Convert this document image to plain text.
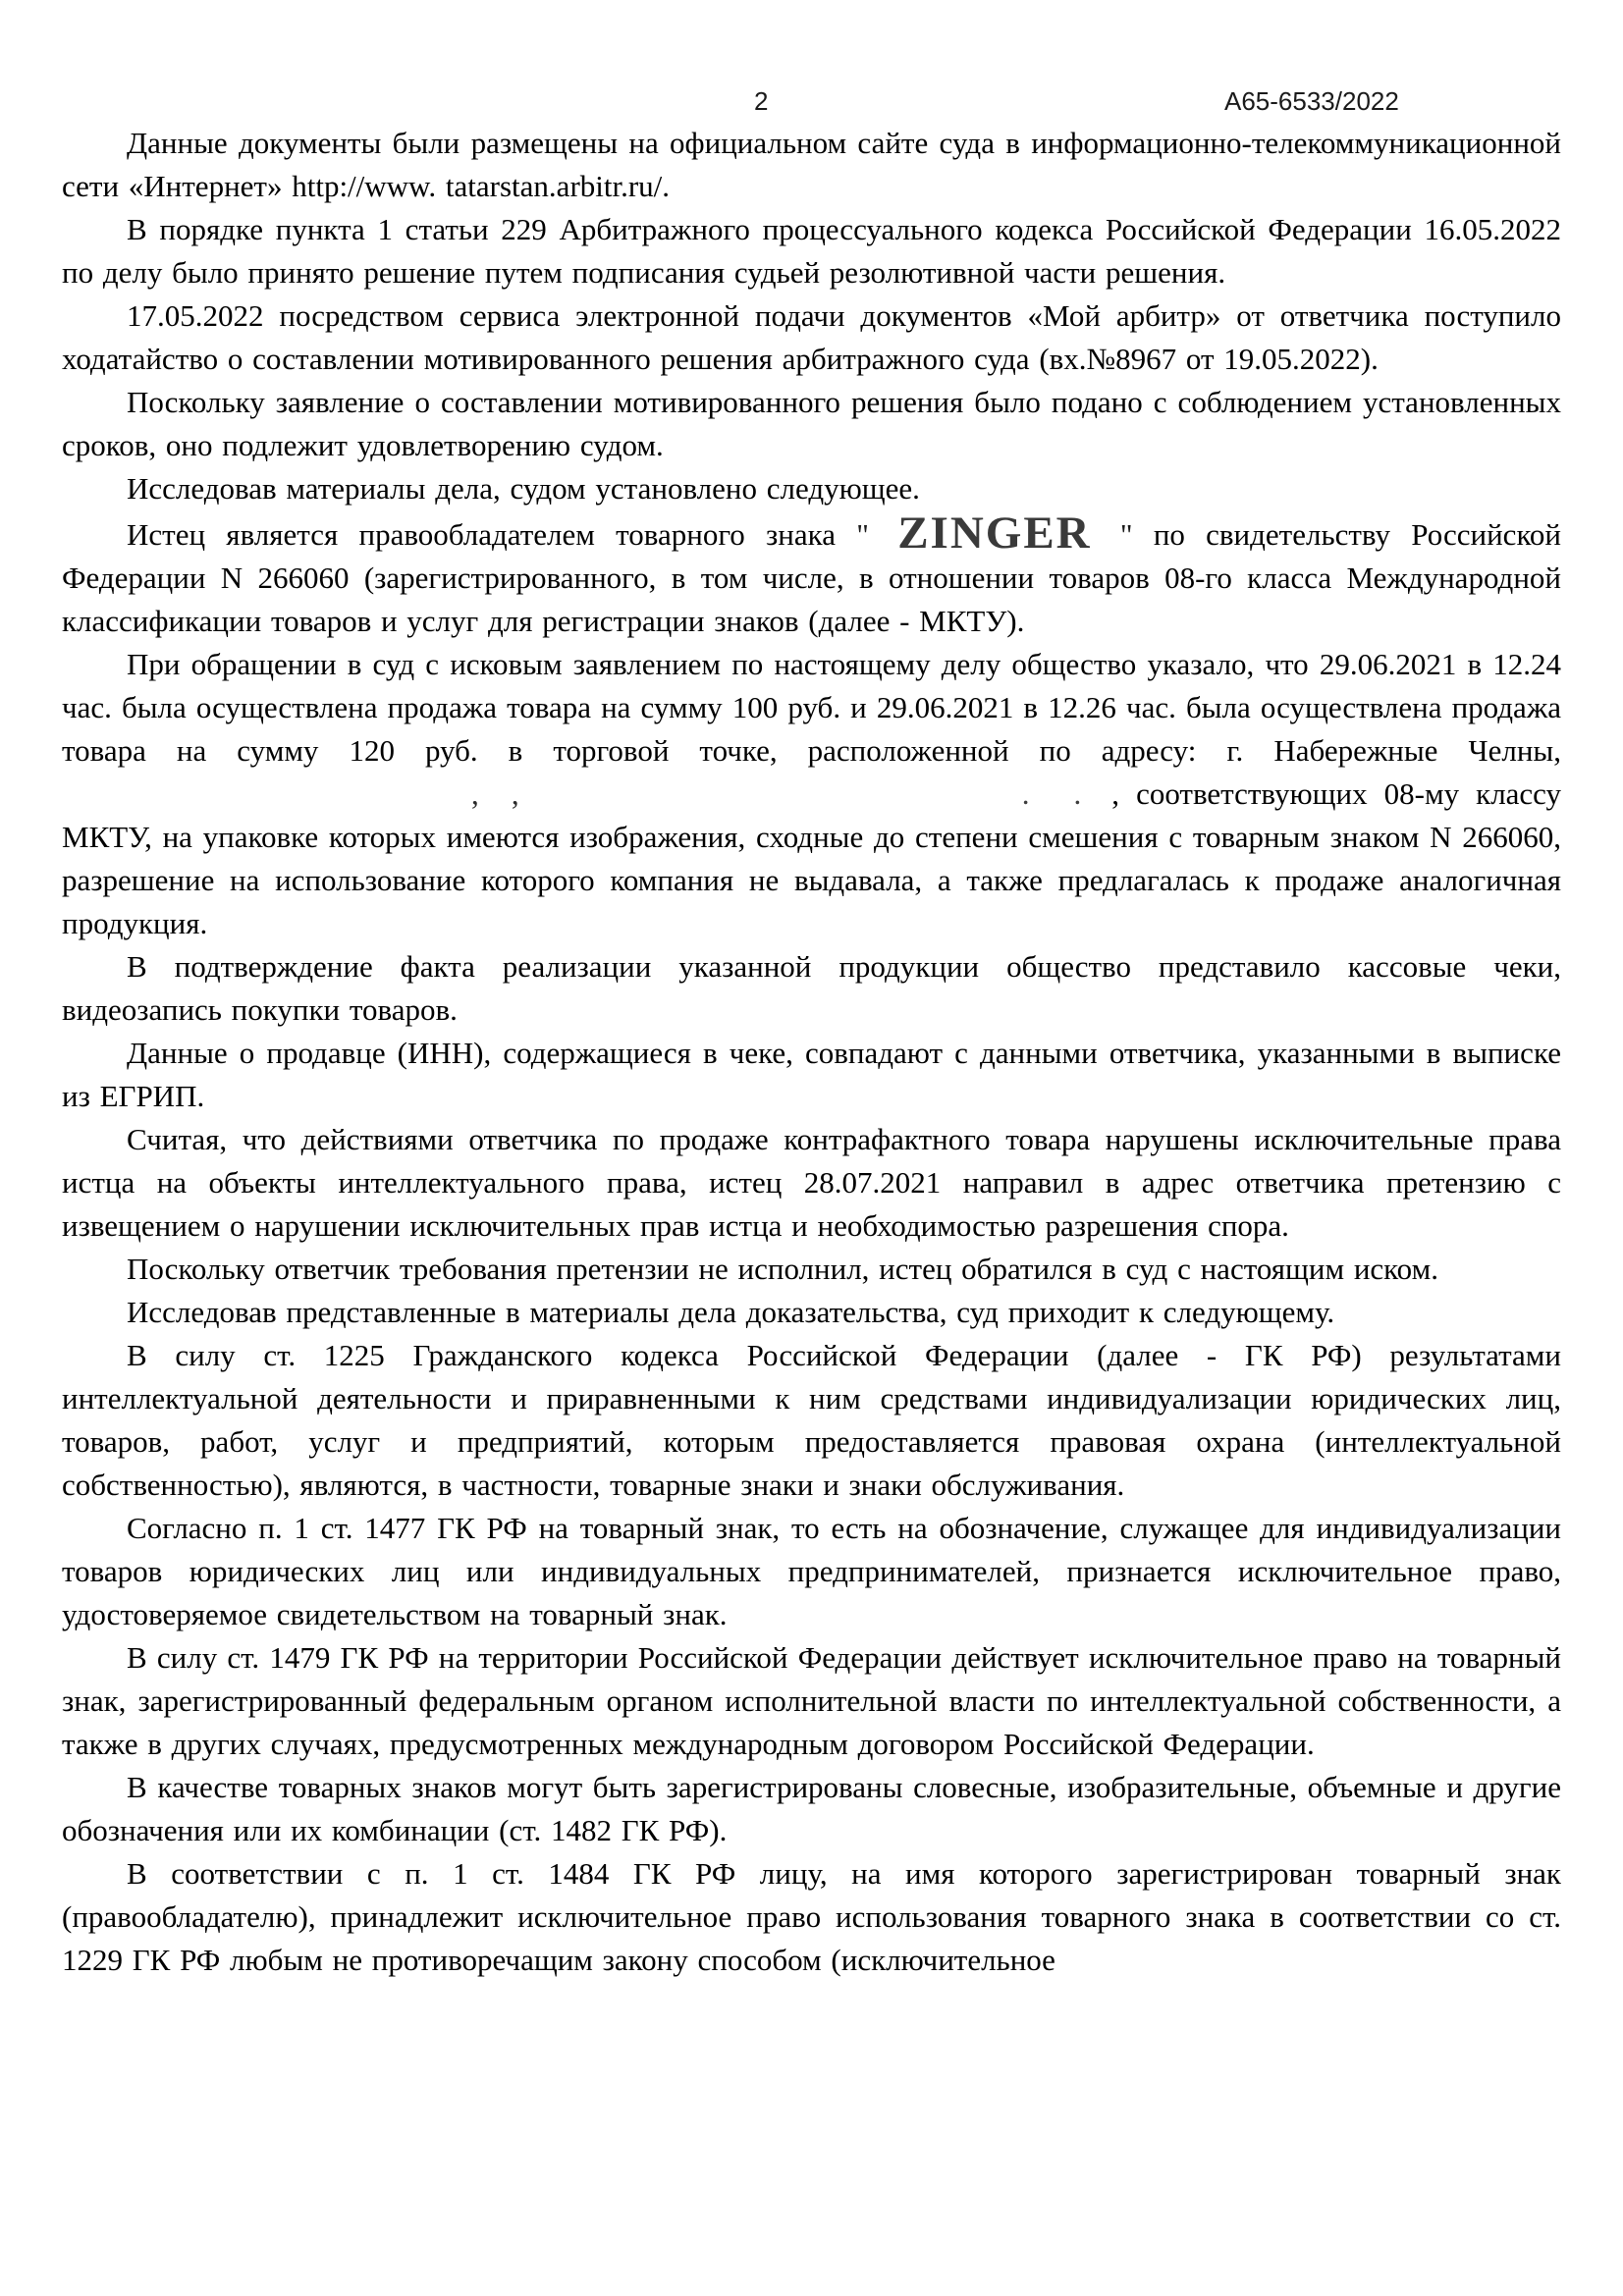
2	А65-6533/2022

Данные документы были размещены на официальном сайте суда в информационно-телекоммуникационной сети «Интернет» http://www. tatarstan.arbitr.ru/.

В порядке пункта 1 статьи 229 Арбитражного процессуального кодекса Российской Федерации 16.05.2022 по делу было принято решение путем подписания судьей резолютивной части решения.

17.05.2022 посредством сервиса электронной подачи документов «Мой арбитр» от ответчика поступило ходатайство о составлении мотивированного решения арбитражного суда (вх.№8967 от 19.05.2022).

Поскольку заявление о составлении мотивированного решения было подано с соблюдением установленных сроков, оно подлежит удовлетворению судом.

Исследовав материалы дела, судом установлено следующее.

Истец является правообладателем товарного знака " ZINGER " по свидетельству Российской Федерации N 266060 (зарегистрированного, в том числе, в отношении товаров 08-го класса Международной классификации товаров и услуг для регистрации знаков (далее - МКТУ).

При обращении в суд с исковым заявлением по настоящему делу общество указало, что 29.06.2021 в 12.24 час. была осуществлена продажа товара на сумму 100 руб. и 29.06.2021 в 12.26 час. была осуществлена продажа товара на сумму 120 руб. в торговой точке, расположенной по адресу: г. Набережные Челны,  , ,	. . , соответствующих 08-му классу МКТУ, на упаковке которых имеются изображения, сходные до степени смешения с товарным знаком N 266060, разрешение на использование которого компания не выдавала, а также предлагалась к продаже аналогичная продукция.

В подтверждение факта реализации указанной продукции общество представило кассовые чеки, видеозапись покупки товаров.

Данные о продавце (ИНН), содержащиеся в чеке, совпадают с данными ответчика, указанными в выписке из ЕГРИП.

Считая, что действиями ответчика по продаже контрафактного товара нарушены исключительные права истца на объекты интеллектуального права, истец 28.07.2021 направил в адрес ответчика претензию с извещением о нарушении исключительных прав истца и необходимостью разрешения спора.

Поскольку ответчик требования претензии не исполнил, истец обратился в суд с настоящим иском.

Исследовав представленные в материалы дела доказательства, суд приходит к следующему.

В силу ст. 1225 Гражданского кодекса Российской Федерации (далее - ГК РФ) результатами интеллектуальной деятельности и приравненными к ним средствами индивидуализации юридических лиц, товаров, работ, услуг и предприятий, которым предоставляется правовая охрана (интеллектуальной собственностью), являются, в частности, товарные знаки и знаки обслуживания.

Согласно п. 1 ст. 1477 ГК РФ на товарный знак, то есть на обозначение, служащее для индивидуализации товаров юридических лиц или индивидуальных предпринимателей, признается исключительное право, удостоверяемое свидетельством на товарный знак.

В силу ст. 1479 ГК РФ на территории Российской Федерации действует исключительное право на товарный знак, зарегистрированный федеральным органом исполнительной власти по интеллектуальной собственности, а также в других случаях, предусмотренных международным договором Российской Федерации.

В качестве товарных знаков могут быть зарегистрированы словесные, изобразительные, объемные и другие обозначения или их комбинации (ст. 1482 ГК РФ).

В соответствии с п. 1 ст. 1484 ГК РФ лицу, на имя которого зарегистрирован товарный знак (правообладателю), принадлежит исключительное право использования товарного знака в соответствии со ст. 1229 ГК РФ любым не противоречащим закону способом (исключительное
